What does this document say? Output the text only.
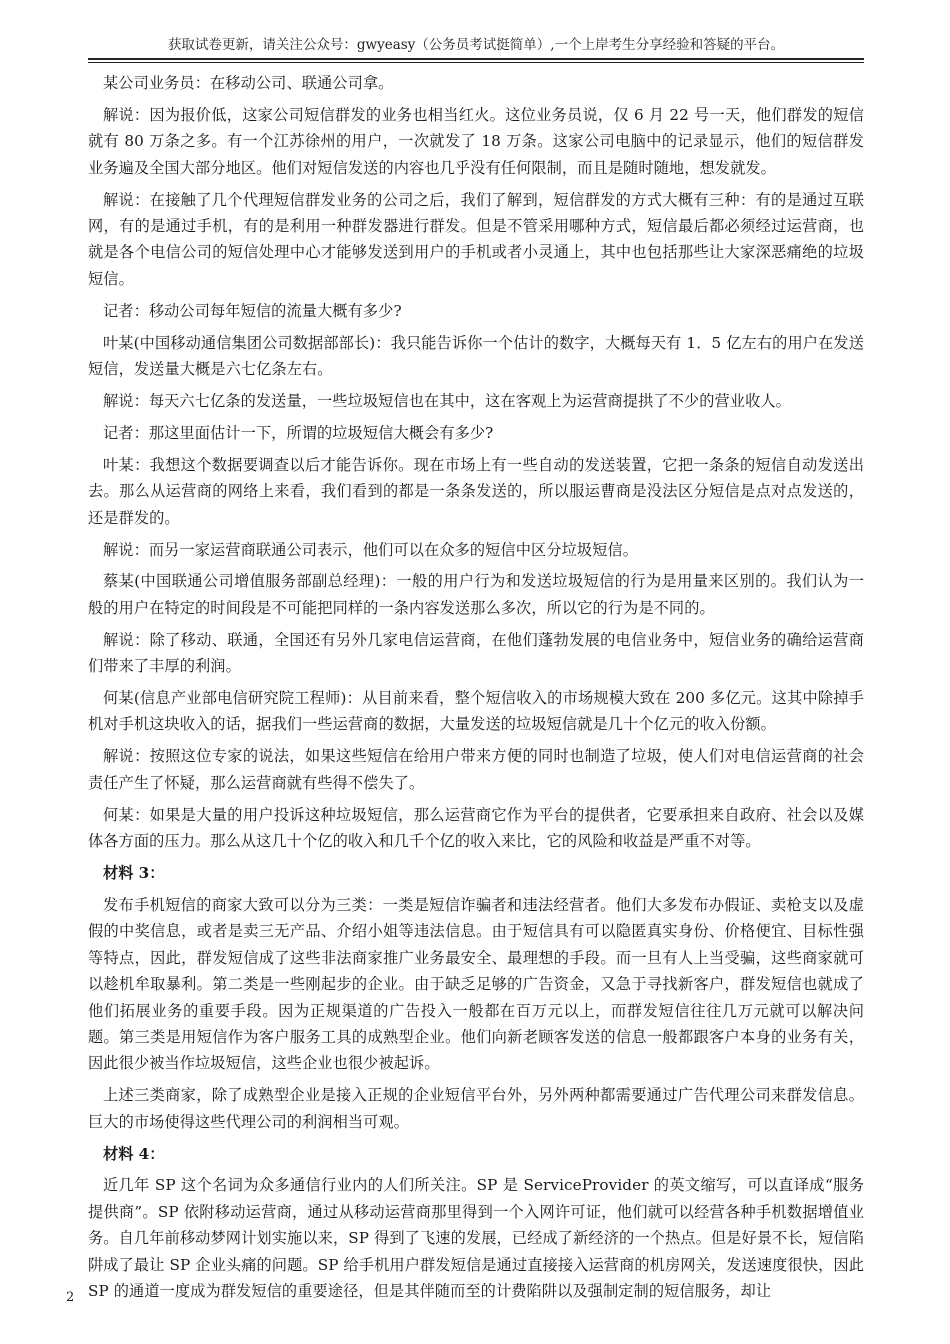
获取试卷更新，请关注公众号：gwyeasy（公务员考试挺简单）,一个上岸考生分享经验和答疑的平台。

某公司业务员：在移动公司、联通公司拿。

解说：因为报价低，这家公司短信群发的业务也相当红火。这位业务员说，仅 6 月 22 号一天，他们群发的短信就有 80 万条之多。有一个江苏徐州的用户，一次就发了 18 万条。这家公司电脑中的记录显示，他们的短信群发业务遍及全国大部分地区。他们对短信发送的内容也几乎没有任何限制，而且是随时随地，想发就发。

解说：在接触了几个代理短信群发业务的公司之后，我们了解到，短信群发的方式大概有三种：有的是通过互联网，有的是通过手机，有的是利用一种群发器进行群发。但是不管采用哪种方式，短信最后都必须经过运营商，也就是各个电信公司的短信处理中心才能够发送到用户的手机或者小灵通上，其中也包括那些让大家深恶痛绝的垃圾短信。

记者：移动公司每年短信的流量大概有多少?

叶某(中国移动通信集团公司数据部部长)：我只能告诉你一个估计的数字，大概每天有 1．5 亿左右的用户在发送短信，发送量大概是六七亿条左右。

解说：每天六七亿条的发送量，一些垃圾短信也在其中，这在客观上为运营商提拱了不少的营业收人。

记者：那这里面估计一下，所谓的垃圾短信大概会有多少?

叶某：我想这个数据要调查以后才能告诉你。现在市场上有一些自动的发送装置，它把一条条的短信自动发送出去。那么从运营商的网络上来看，我们看到的都是一条条发送的，所以服运曹商是没法区分短信是点对点发送的，还是群发的。

解说：而另一家运营商联通公司表示，他们可以在众多的短信中区分垃圾短信。

蔡某(中国联通公司增值服务部副总经理)：一般的用户行为和发送垃圾短信的行为是用量来区别的。我们认为一般的用户在特定的时间段是不可能把同样的一条内容发送那么多次，所以它的行为是不同的。

解说：除了移动、联通，全国还有另外几家电信运营商，在他们蓬勃发展的电信业务中，短信业务的确给运营商们带来了丰厚的利润。

何某(信息产业部电信研究院工程师)：从目前来看，整个短信收入的市场规模大致在 200 多亿元。这其中除掉手机对手机这块收入的话，据我们一些运营商的数据，大量发送的垃圾短信就是几十个亿元的收入份额。

解说：按照这位专家的说法，如果这些短信在给用户带来方便的同时也制造了垃圾，使人们对电信运营商的社会责任产生了怀疑，那么运营商就有些得不偿失了。

何某：如果是大量的用户投诉这种垃圾短信，那么运营商它作为平台的提供者，它要承担来自政府、社会以及媒体各方面的压力。那么从这几十个亿的收入和几千个亿的收入来比，它的风险和收益是严重不对等。

材料 3：

发布手机短信的商家大致可以分为三类：一类是短信诈骗者和违法经营者。他们大多发布办假证、卖枪支以及虚假的中奖信息，或者是卖三无产品、介绍小姐等违法信息。由于短信具有可以隐匿真实身份、价格便宜、目标性强等特点，因此，群发短信成了这些非法商家推广业务最安全、最理想的手段。而一旦有人上当受骗，这些商家就可以趁机牟取暴利。第二类是一些刚起步的企业。由于缺乏足够的广告资金，又急于寻找新客户，群发短信也就成了他们拓展业务的重要手段。因为正规渠道的广告投入一般都在百万元以上，而群发短信往往几万元就可以解决问题。第三类是用短信作为客户服务工具的成熟型企业。他们向新老顾客发送的信息一般都跟客户本身的业务有关，因此很少被当作垃圾短信，这些企业也很少被起诉。

上述三类商家，除了成熟型企业是接入正规的企业短信平台外，另外两种都需要通过广告代理公司来群发信息。巨大的市场使得这些代理公司的利润相当可观。

材料 4：

近几年 SP 这个名词为众多通信行业内的人们所关注。SP 是 ServiceProvider 的英文缩写，可以直译成“服务提供商”。SP 依附移动运营商，通过从移动运营商那里得到一个入网许可证，他们就可以经营各种手机数据增值业务。自几年前移动梦网计划实施以来，SP 得到了飞速的发展，已经成了新经济的一个热点。但是好景不长，短信陷阱成了最让 SP 企业头痛的问题。SP 给手机用户群发短信是通过直接接入运营商的机房网关，发送速度很快，因此 SP 的通道一度成为群发短信的重要途径，但是其伴随而至的计费陷阱以及强制定制的短信服务，却让

2
